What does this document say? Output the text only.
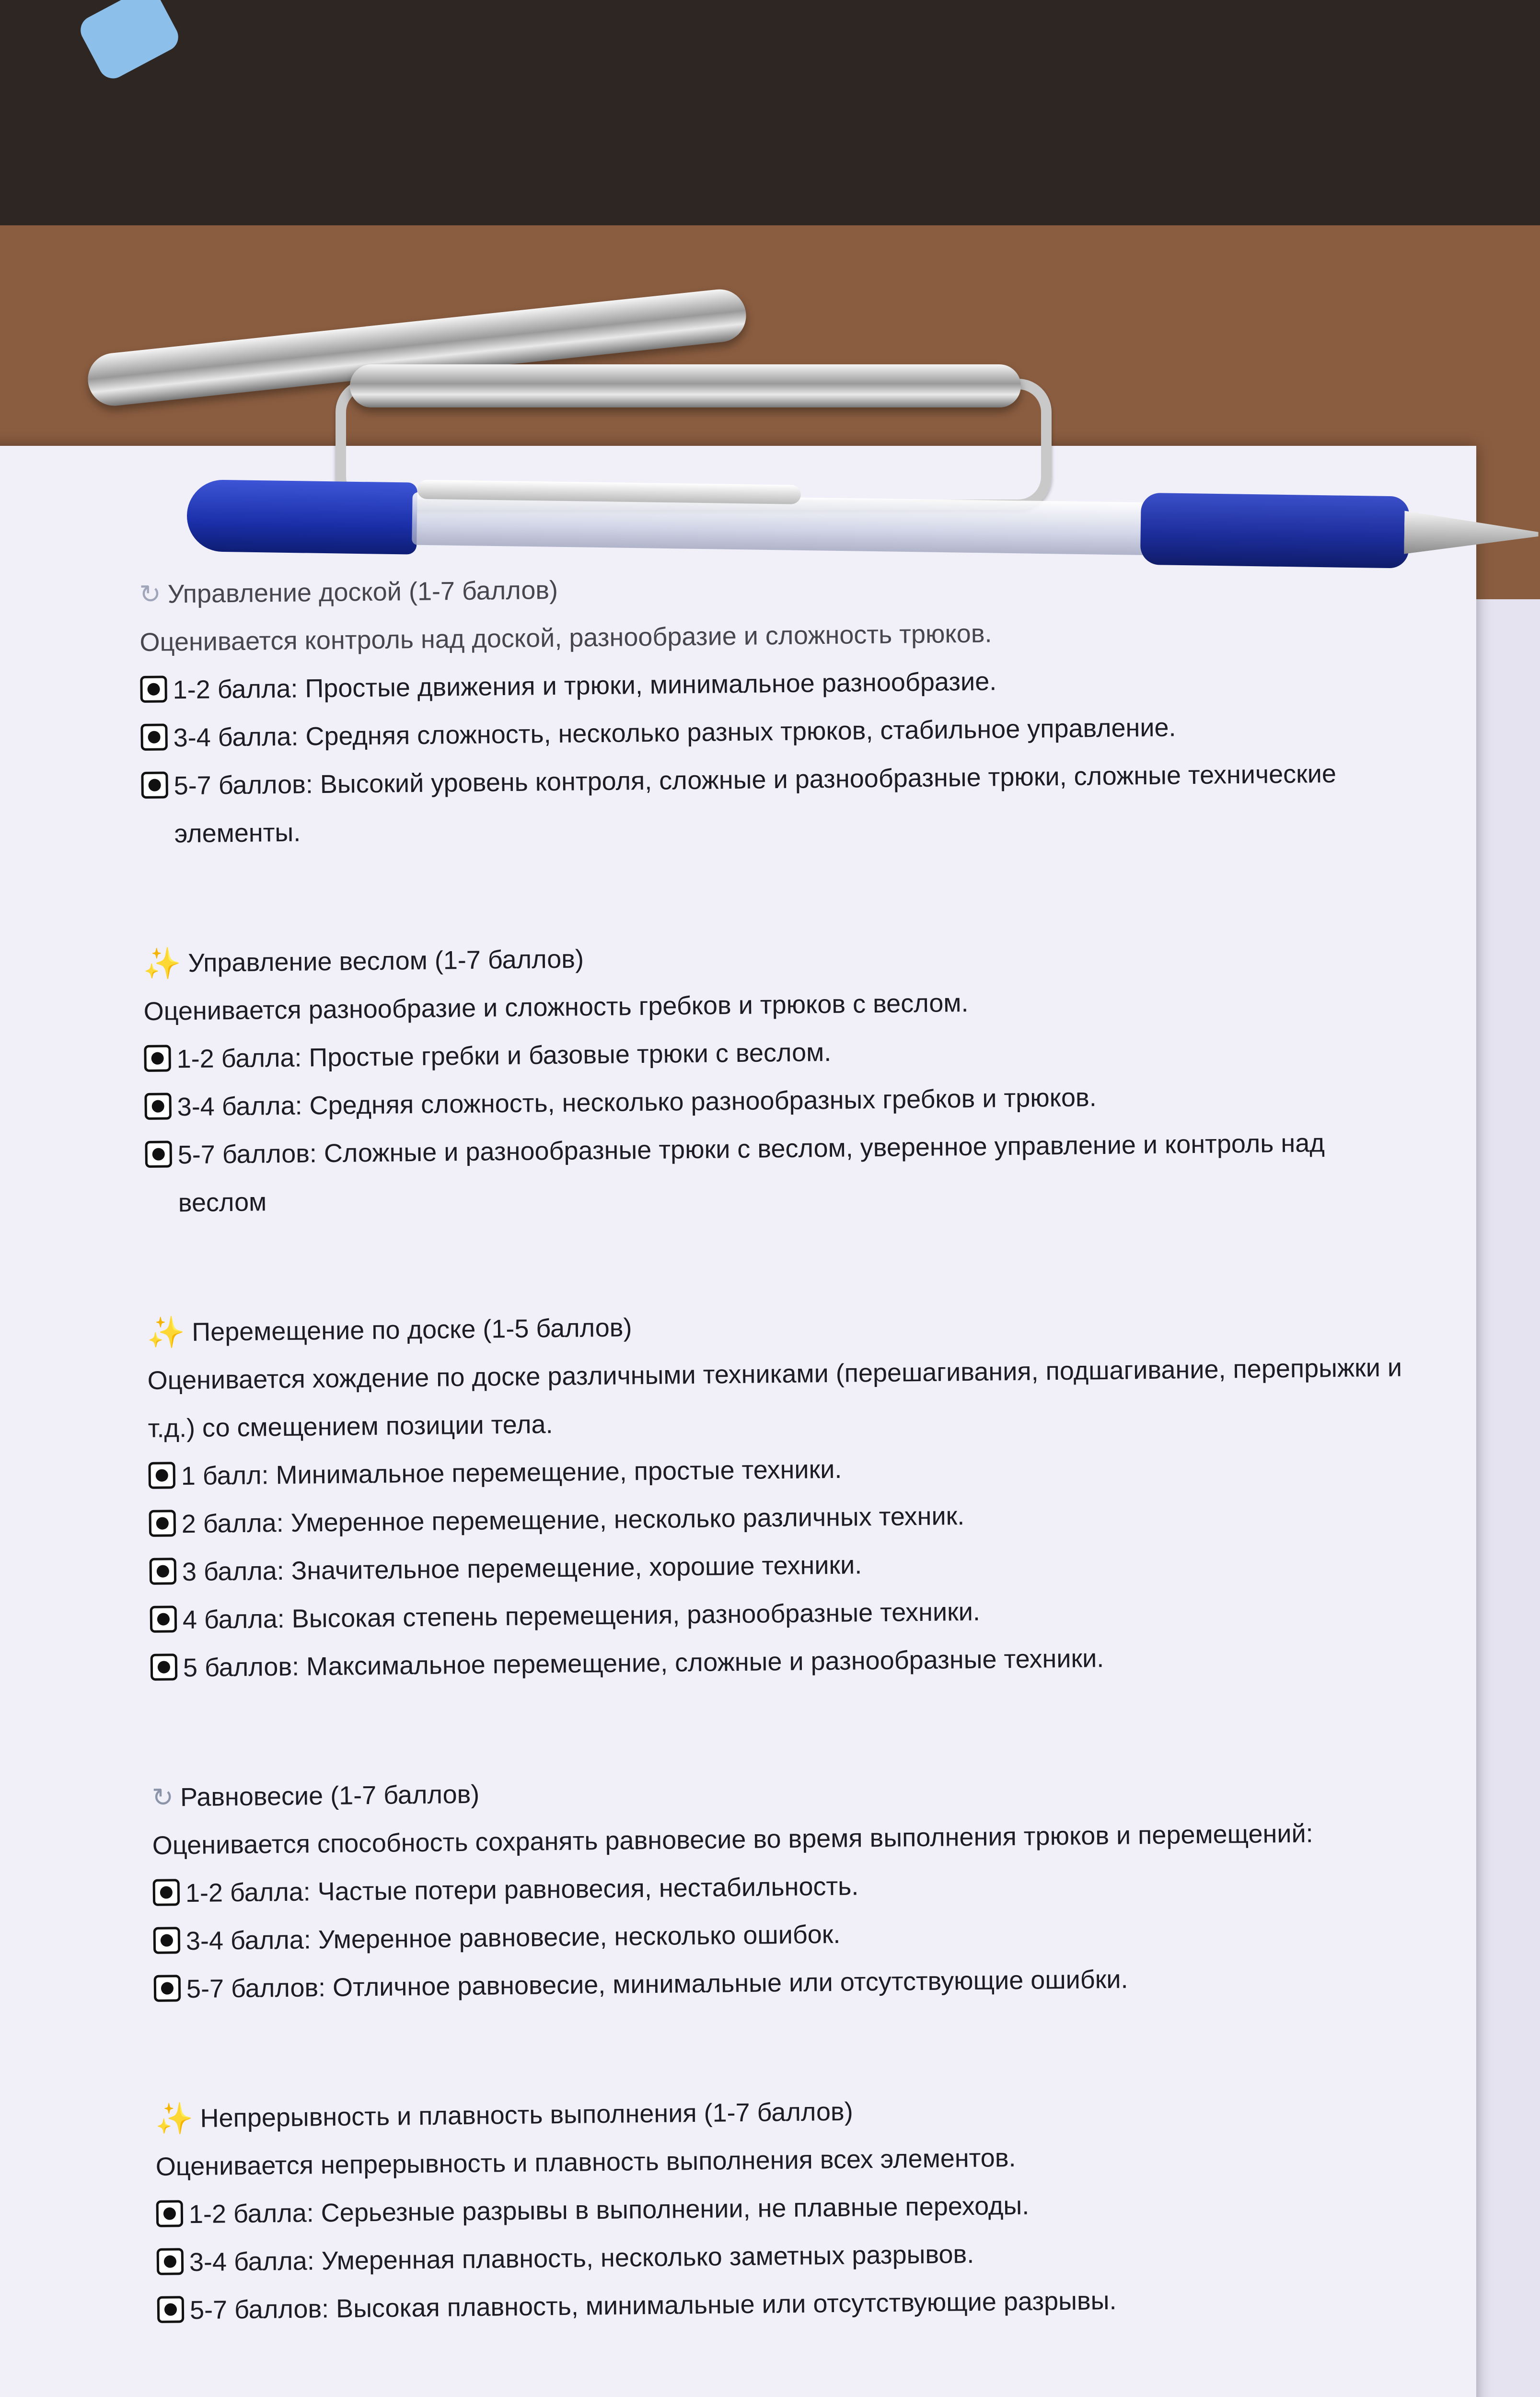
↻ Управление доской (1-7 баллов)
Оценивается контроль над доской, разнообразие и сложность трюков.
1-2 балла: Простые движения и трюки, минимальное разнообразие.
3-4 балла: Средняя сложность, несколько разных трюков, стабильное управление.
5-7 баллов: Высокий уровень контроля, сложные и разнообразные трюки, сложные технические элементы.
✨ Управление веслом (1-7 баллов)
Оценивается разнообразие и сложность гребков и трюков с веслом.
1-2 балла: Простые гребки и базовые трюки с веслом.
3-4 балла: Средняя сложность, несколько разнообразных гребков и трюков.
5-7 баллов: Сложные и разнообразные трюки с веслом, уверенное управление и контроль над веслом
✨ Перемещение по доске (1-5 баллов)
Оценивается хождение по доске различными техниками (перешагивания, подшагивание, перепрыжки и т.д.) со смещением позиции тела.
1 балл: Минимальное перемещение, простые техники.
2 балла: Умеренное перемещение, несколько различных техник.
3 балла: Значительное перемещение, хорошие техники.
4 балла: Высокая степень перемещения, разнообразные техники.
5 баллов: Максимальное перемещение, сложные и разнообразные техники.
↻ Равновесие (1-7 баллов)
Оценивается способность сохранять равновесие во время выполнения трюков и перемещений:
1-2 балла: Частые потери равновесия, нестабильность.
3-4 балла: Умеренное равновесие, несколько ошибок.
5-7 баллов: Отличное равновесие, минимальные или отсутствующие ошибки.
✨ Непрерывность и плавность выполнения (1-7 баллов)
Оценивается непрерывность и плавность выполнения всех элементов.
1-2 балла: Серьезные разрывы в выполнении, не плавные переходы.
3-4 балла: Умеренная плавность, несколько заметных разрывов.
5-7 баллов: Высокая плавность, минимальные или отсутствующие разрывы.
